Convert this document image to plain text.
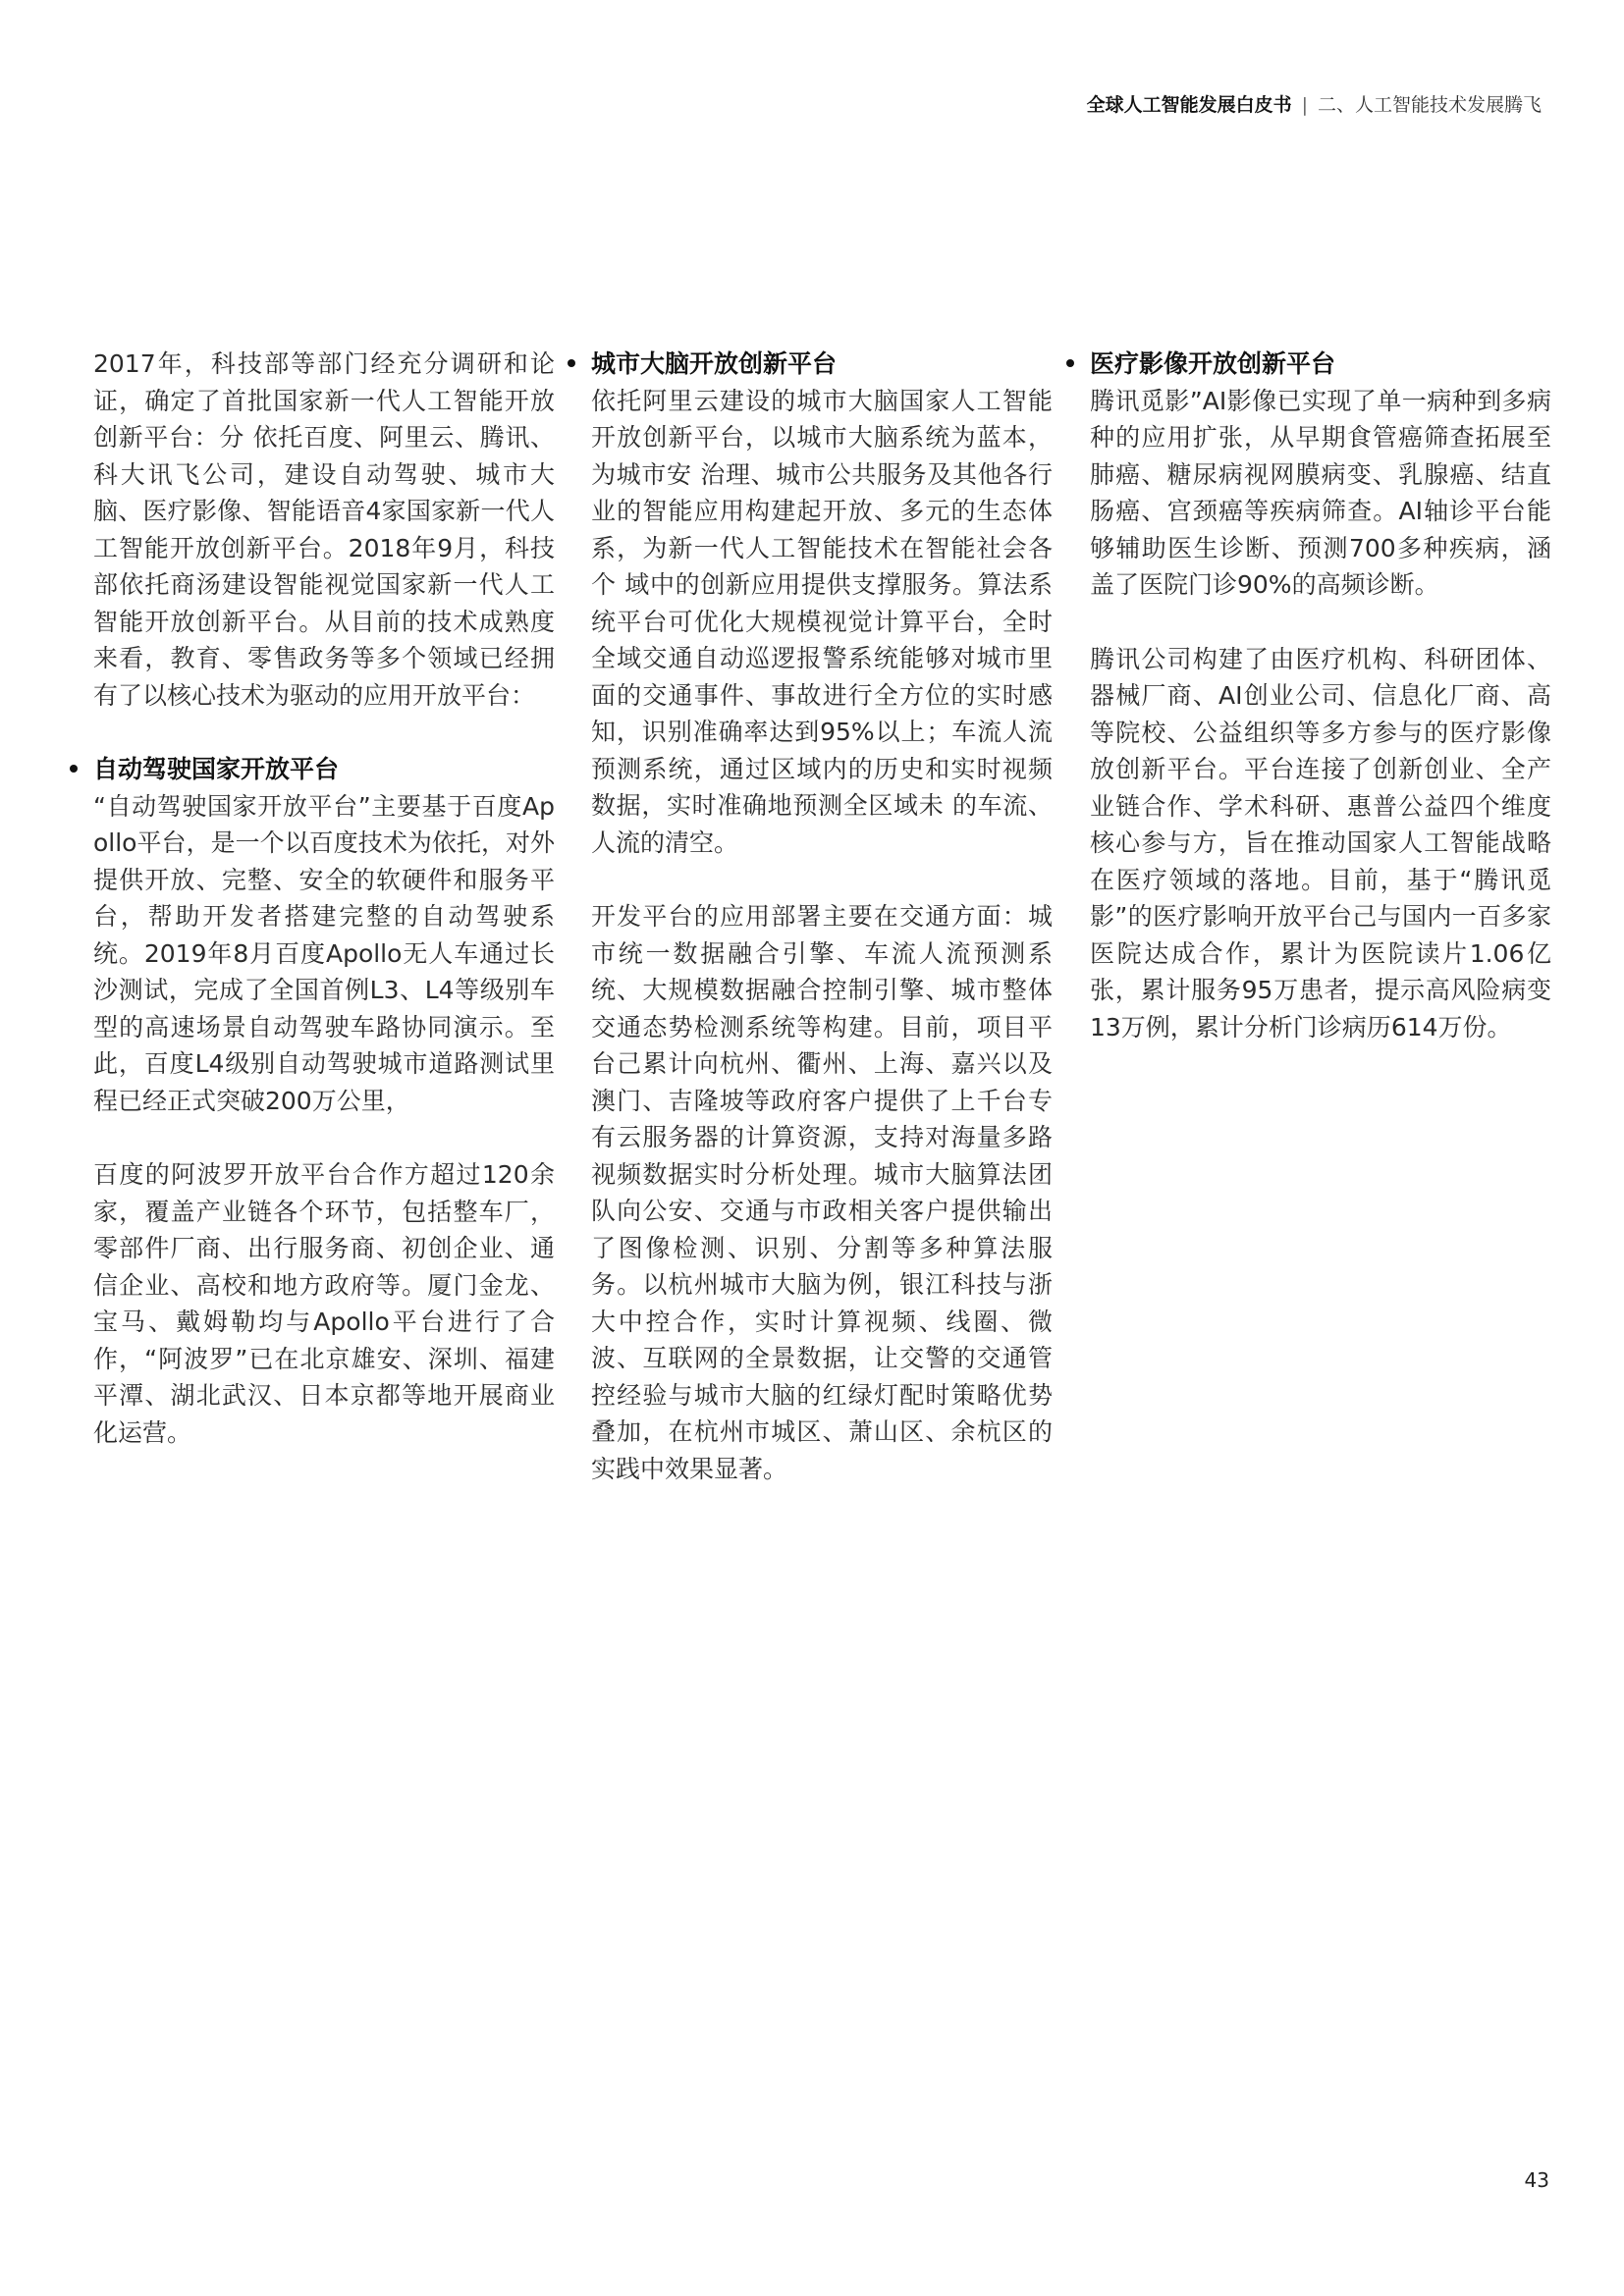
全球人工智能发展白皮书 | 二、人工智能技术发展腾飞

2017年，科技部等部门经充分调研和论证，确定了首批国家新一代人工智能开放创新平台：分 依托百度、阿里云、腾讯、科大讯飞公司，建设自动驾驶、城市大脑、医疗影像、智能语音4家国家新一代人工智能开放创新平台。2018年9月，科技部依托商汤建设智能视觉国家新一代人工智能开放创新平台。从目前的技术成熟度来看，教育、零售政务等多个领域已经拥有了以核心技术为驱动的应用开放平台：

自动驾驶国家开放平台

“自动驾驶国家开放平台”主要基于百度Apollo平台，是一个以百度技术为依托，对外提供开放、完整、安全的软硬件和服务平台，帮助开发者搭建完整的自动驾驶系统。2019年8月百度Apollo无人车通过长沙测试，完成了全国首例L3、L4等级别车型的高速场景自动驾驶车路协同演示。至此，百度L4级别自动驾驶城市道路测试里程已经正式突破200万公里，

百度的阿波罗开放平台合作方超过120余家，覆盖产业链各个环节，包括整车厂，零部件厂商、出行服务商、初创企业、通信企业、高校和地方政府等。厦门金龙、宝马、戴姆勒均与Apollo平台进行了合作，“阿波罗”已在北京雄安、深圳、福建平潭、湖北武汉、日本京都等地开展商业化运营。

城市大脑开放创新平台

依托阿里云建设的城市大脑国家人工智能开放创新平台，以城市大脑系统为蓝本，为城市安 治理、城市公共服务及其他各行业的智能应用构建起开放、多元的生态体系，为新一代人工智能技术在智能社会各个 域中的创新应用提供支撑服务。算法系统平台可优化大规模视觉计算平台，全时全域交通自动巡逻报警系统能够对城市里面的交通事件、事故进行全方位的实时感知，识别准确率达到95%以上；车流人流预测系统，通过区域内的历史和实时视频数据，实时准确地预测全区域未 的车流、人流的清空。

开发平台的应用部署主要在交通方面：城市统一数据融合引擎、车流人流预测系统、大规模数据融合控制引擎、城市整体交通态势检测系统等构建。目前，项目平台己累计向杭州、衢州、上海、嘉兴以及澳门、吉隆坡等政府客户提供了上千台专有云服务器的计算资源，支持对海量多路视频数据实时分析处理。城市大脑算法团队向公安、交通与市政相关客户提供输出了图像检测、识别、分割等多种算法服务。以杭州城市大脑为例，银江科技与浙大中控合作，实时计算视频、线圈、微波、互联网的全景数据，让交警的交通管控经验与城市大脑的红绿灯配时策略优势叠加，在杭州市城区、萧山区、余杭区的实践中效果显著。

医疗影像开放创新平台

腾讯觅影”AI影像已实现了单一病种到多病种的应用扩张，从早期食管癌筛查拓展至肺癌、糖尿病视网膜病变、乳腺癌、结直肠癌、宫颈癌等疾病筛查。AI轴诊平台能够辅助医生诊断、预测700多种疾病，涵盖了医院门诊90%的高频诊断。

腾讯公司构建了由医疗机构、科研团体、器械厂商、AI创业公司、信息化厂商、高等院校、公益组织等多方参与的医疗影像 放创新平台。平台连接了创新创业、全产业链合作、学术科研、惠普公益四个维度核心参与方，旨在推动国家人工智能战略在医疗领域的落地。目前，基于“腾讯觅影”的医疗影响开放平台己与国内一百多家医院达成合作，累计为医院读片1.06亿张，累计服务95万患者，提示高风险病变13万例，累计分析门诊病历614万份。

43
